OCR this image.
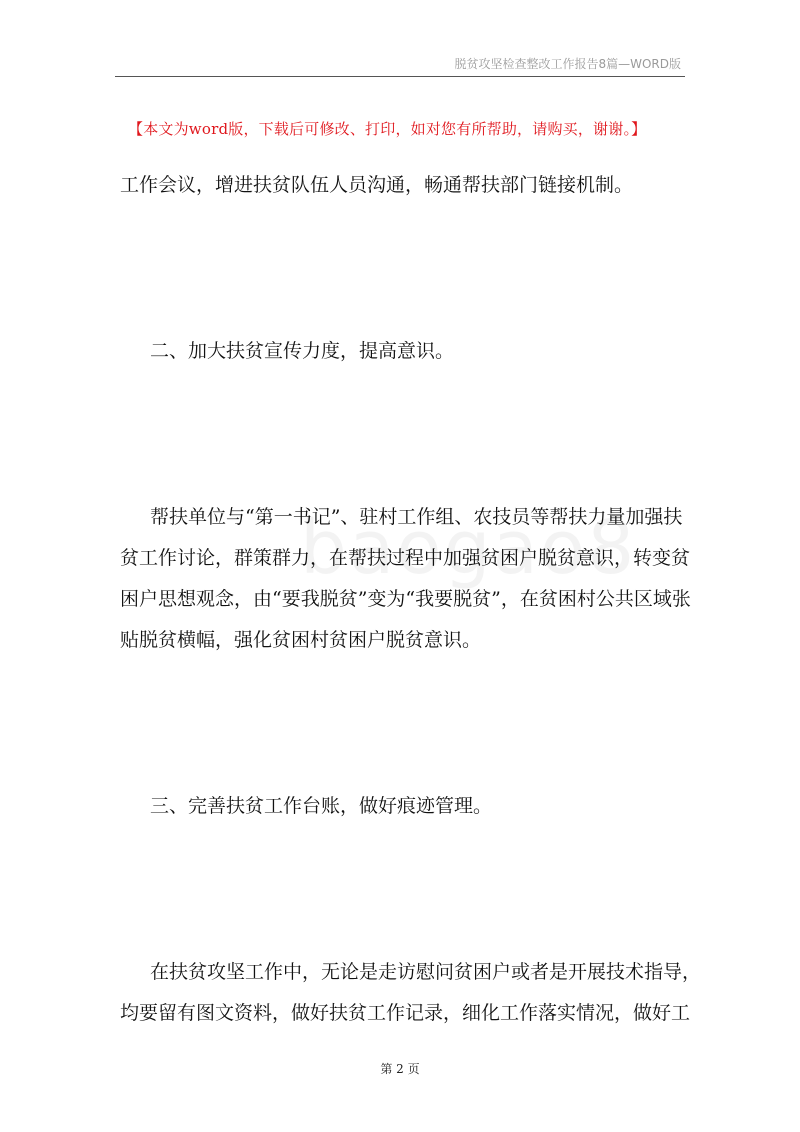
脱贫攻坚检查整改工作报告8篇—WORD版
【本文为word版，下载后可修改、打印，如对您有所帮助，请购买，谢谢。】
工作会议，增进扶贫队伍人员沟通，畅通帮扶部门链接机制。
二、加大扶贫宣传力度，提高意识。
帮扶单位与“第一书记”、驻村工作组、农技员等帮扶力量加强扶
贫工作讨论，群策群力，在帮扶过程中加强贫困户脱贫意识，转变贫
困户思想观念，由“要我脱贫”变为“我要脱贫”，在贫困村公共区域张
贴脱贫横幅，强化贫困村贫困户脱贫意识。
三、完善扶贫工作台账，做好痕迹管理。
在扶贫攻坚工作中，无论是走访慰问贫困户或者是开展技术指导，
均要留有图文资料，做好扶贫工作记录，细化工作落实情况，做好工
第 2 页
